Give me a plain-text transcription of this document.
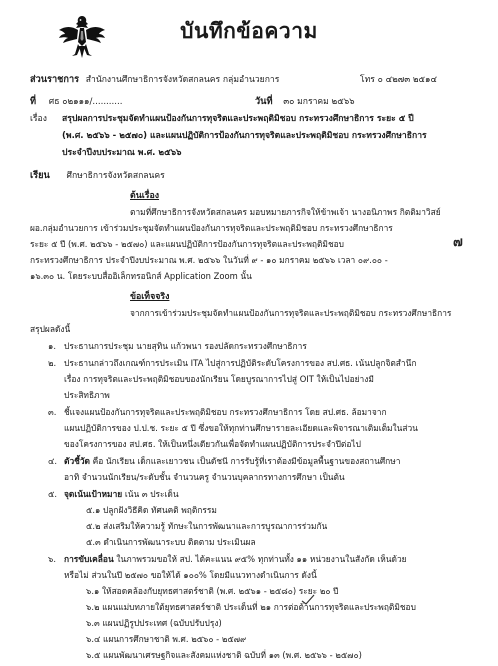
บันทึกข้อความ
ส่วนราชการ สำนักงานศึกษาธิการจังหวัดสกลนคร กลุ่มอำนวยการ	โทร ๐ ๔๒๗๓ ๒๕๑๔
ที่ ศธ ๐๒๑๑๑/...........	วันที่ ๓๐ มกราคม ๒๕๖๖
เรื่อง สรุปผลการประชุมจัดทำแผนป้องกันการทุจริตและประพฤติมิชอบ กระทรวงศึกษาธิการ ระยะ ๕ ปี
(พ.ศ. ๒๕๖๖ - ๒๕๗๐) และแผนปฏิบัติการป้องกันการทุจริตและประพฤติมิชอบ กระทรวงศึกษาธิการ
ประจำปีงบประมาณ พ.ศ. ๒๕๖๖
เรียน ศึกษาธิการจังหวัดสกลนคร
ต้นเรื่อง
ตามที่ศึกษาธิการจังหวัดสกลนคร มอบหมายภารกิจให้ข้าพเจ้า นางอนิภาพร กิตติมาวิสย์
ผอ.กลุ่มอำนวยการ เข้าร่วมประชุมจัดทำแผนป้องกันการทุจริตและประพฤติมิชอบ กระทรวงศึกษาธิการ
ระยะ ๕ ปี (พ.ศ. ๒๕๖๖ - ๒๕๗๐) และแผนปฏิบัติการป้องกันการทุจริตและประพฤติมิชอบ
กระทรวงศึกษาธิการ ประจำปีงบประมาณ พ.ศ. ๒๕๖๖ ในวันที่ ๙ - ๑๐ มกราคม ๒๕๖๖ เวลา ๐๙.๐๐ -
๑๖.๓๐ น. โดยระบบสื่ออิเล็กทรอนิกส์ Application Zoom นั้น
๗
ข้อเท็จจริง
จากการเข้าร่วมประชุมจัดทำแผนป้องกันการทุจริตและประพฤติมิชอบ กระทรวงศึกษาธิการ
สรุปผลดังนี้
๑. ประธานการประชุม นายสุทิน แก้วพนา รองปลัดกระทรวงศึกษาธิการ
๒. ประธานกล่าวถึงเกณฑ์การประเมิน ITA ไปสู่การปฏิบัติระดับโครงการของ สป.ศธ. เน้นปลูกจิตสำนึก
เรื่อง การทุจริตและประพฤติมิชอบของนักเรียน โดยบูรณาการไปสู่ OIT ให้เป็นไปอย่างมี
ประสิทธิภาพ
๓. ชี้แจงแผนป้องกันการทุจริตและประพฤติมิชอบ กระทรวงศึกษาธิการ โดย สป.ศธ. ล้อมาจาก
แผนปฏิบัติการของ ป.ป.ช. ระยะ ๕ ปี ซึ่งขอให้ทุกท่านศึกษารายละเอียดและพิจารณาเติมเต็มในส่วน
ของโครงการของ สป.ศธ. ให้เป็นหนึ่งเดียวกันเพื่อจัดทำแผนปฏิบัติการประจำปีต่อไป
๔. ตัวชี้วัด คือ นักเรียน เด็กและเยาวชน เป็นดัชนี การรับรู้ที่เราต้องมีข้อมูลพื้นฐานของสถานศึกษา
อาทิ จำนวนนักเรียน/ระดับชั้น จำนวนครู จำนวนบุคลากรทางการศึกษา เป็นต้น
๕. จุดเน้นเป้าหมาย เน้น ๓ ประเด็น
๕.๑ ปลูกฝังวิธีคิด ทัศนคติ พฤติกรรม
๕.๒ ส่งเสริมให้ความรู้ ทักษะในการพัฒนาและการบูรณาการร่วมกัน
๕.๓ ดำเนินการพัฒนาระบบ ติดตาม ประเมินผล
๖. การขับเคลื่อน ในภาพรวมขอให้ สป. ได้คะแนน ๙๕% ทุกท่านทั้ง ๑๑ หน่วยงานในสังกัด เห็นด้วย
หรือไม่ ส่วนในปี ๒๕๗๐ ขอให้ได้ ๑๐๐% โดยมีแนวทางดำเนินการ ดังนี้
๖.๑ ให้สอดคล้องกับยุทธศาสตร์ชาติ (พ.ศ. ๒๕๖๑ - ๒๕๘๐) ระยะ ๒๐ ปี
๖.๒ แผนแม่บทภายใต้ยุทธศาสตร์ชาติ ประเด็นที่ ๒๑ การต่อต้านการทุจริตและประพฤติมิชอบ
๖.๓ แผนปฏิรูปประเทศ (ฉบับปรับปรุง)
๖.๔ แผนการศึกษาชาติ พ.ศ. ๒๕๖๐ - ๒๕๗๙
๖.๕ แผนพัฒนาเศรษฐกิจและสังคมแห่งชาติ ฉบับที่ ๑๓ (พ.ศ. ๒๕๖๖ - ๒๕๗๐)
